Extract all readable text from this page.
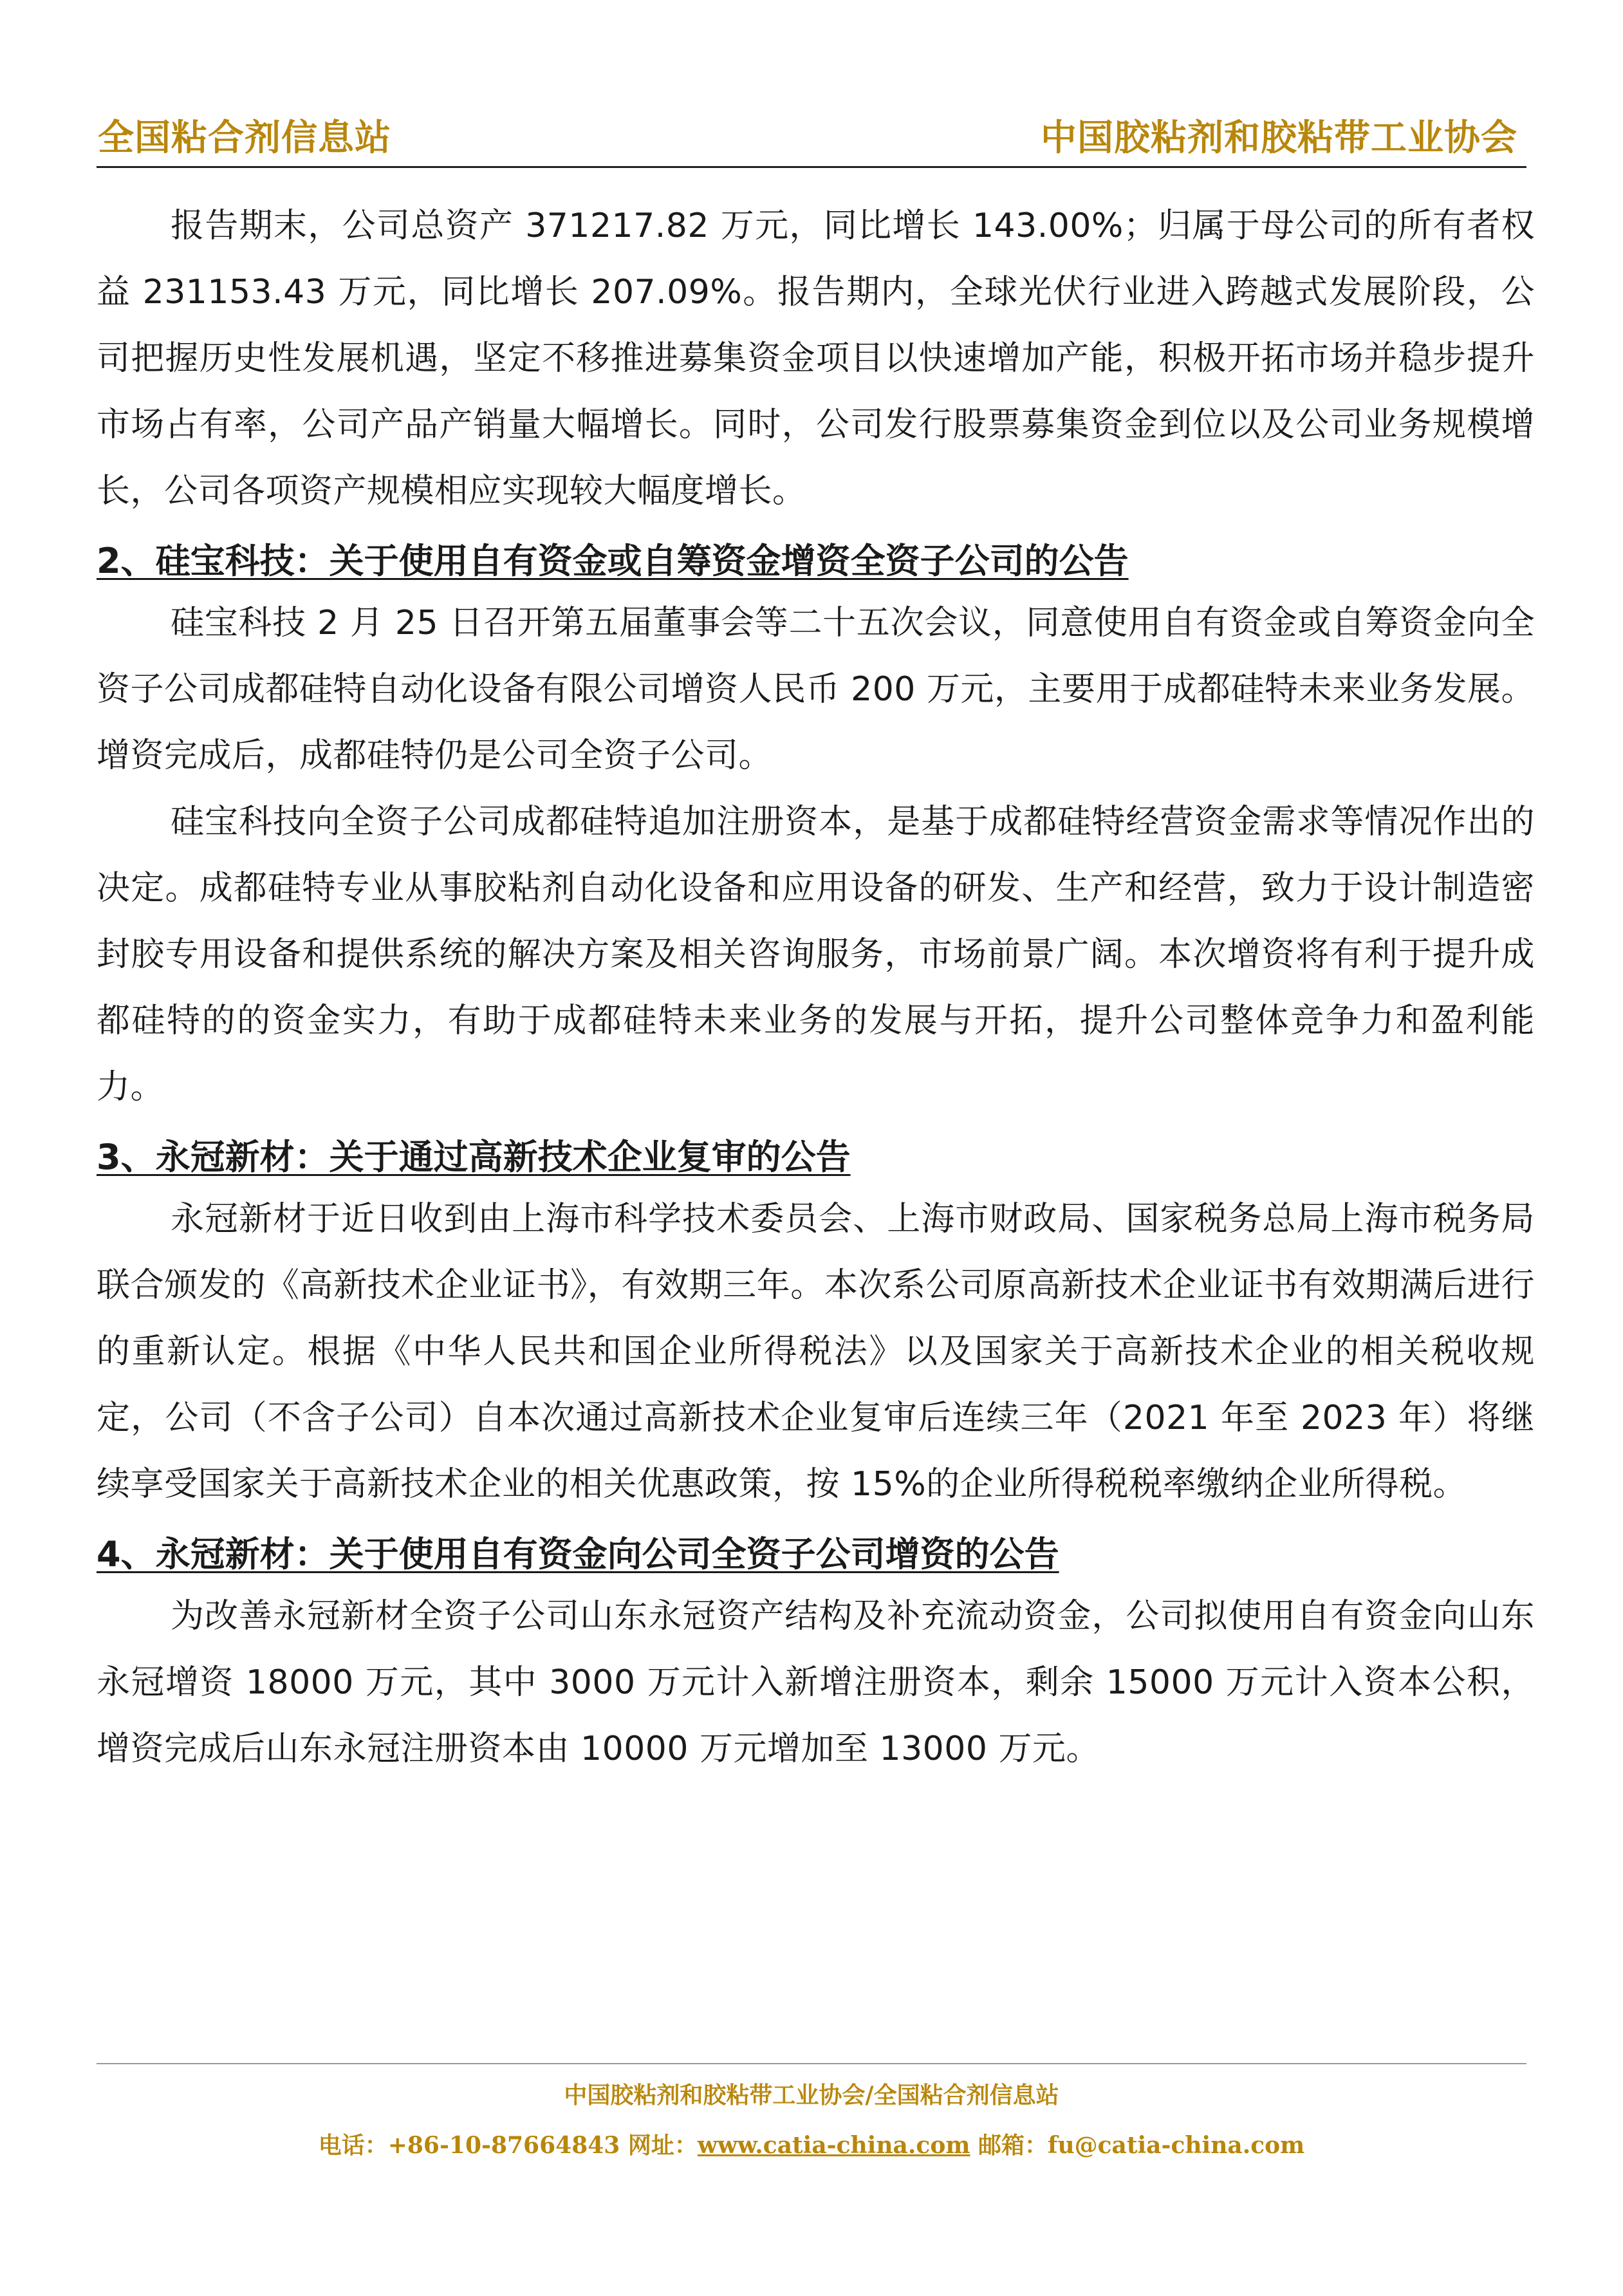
全国粘合剂信息站	中国胶粘剂和胶粘带工业协会

报告期末，公司总资产 371217.82 万元，同比增长 143.00%；归属于母公司的所有者权益 231153.43 万元，同比增长 207.09%。报告期内，全球光伏行业进入跨越式发展阶段，公司把握历史性发展机遇，坚定不移推进募集资金项目以快速增加产能，积极开拓市场并稳步提升市场占有率，公司产品产销量大幅增长。同时，公司发行股票募集资金到位以及公司业务规模增长，公司各项资产规模相应实现较大幅度增长。

2、硅宝科技：关于使用自有资金或自筹资金增资全资子公司的公告

硅宝科技 2 月 25 日召开第五届董事会等二十五次会议，同意使用自有资金或自筹资金向全资子公司成都硅特自动化设备有限公司增资人民币 200 万元，主要用于成都硅特未来业务发展。增资完成后，成都硅特仍是公司全资子公司。

硅宝科技向全资子公司成都硅特追加注册资本，是基于成都硅特经营资金需求等情况作出的决定。成都硅特专业从事胶粘剂自动化设备和应用设备的研发、生产和经营，致力于设计制造密封胶专用设备和提供系统的解决方案及相关咨询服务，市场前景广阔。本次增资将有利于提升成都硅特的的资金实力，有助于成都硅特未来业务的发展与开拓，提升公司整体竞争力和盈利能力。

3、永冠新材：关于通过高新技术企业复审的公告

永冠新材于近日收到由上海市科学技术委员会、上海市财政局、国家税务总局上海市税务局联合颁发的《高新技术企业证书》，有效期三年。本次系公司原高新技术企业证书有效期满后进行的重新认定。根据《中华人民共和国企业所得税法》以及国家关于高新技术企业的相关税收规定，公司（不含子公司）自本次通过高新技术企业复审后连续三年（2021 年至 2023 年）将继续享受国家关于高新技术企业的相关优惠政策，按 15%的企业所得税税率缴纳企业所得税。

4、永冠新材：关于使用自有资金向公司全资子公司增资的公告

为改善永冠新材全资子公司山东永冠资产结构及补充流动资金，公司拟使用自有资金向山东永冠增资 18000 万元，其中 3000 万元计入新增注册资本，剩余 15000 万元计入资本公积，增资完成后山东永冠注册资本由 10000 万元增加至 13000 万元。

中国胶粘剂和胶粘带工业协会/全国粘合剂信息站
电话：+86-10-87664843 网址：www.catia-china.com 邮箱：fu@catia-china.com
